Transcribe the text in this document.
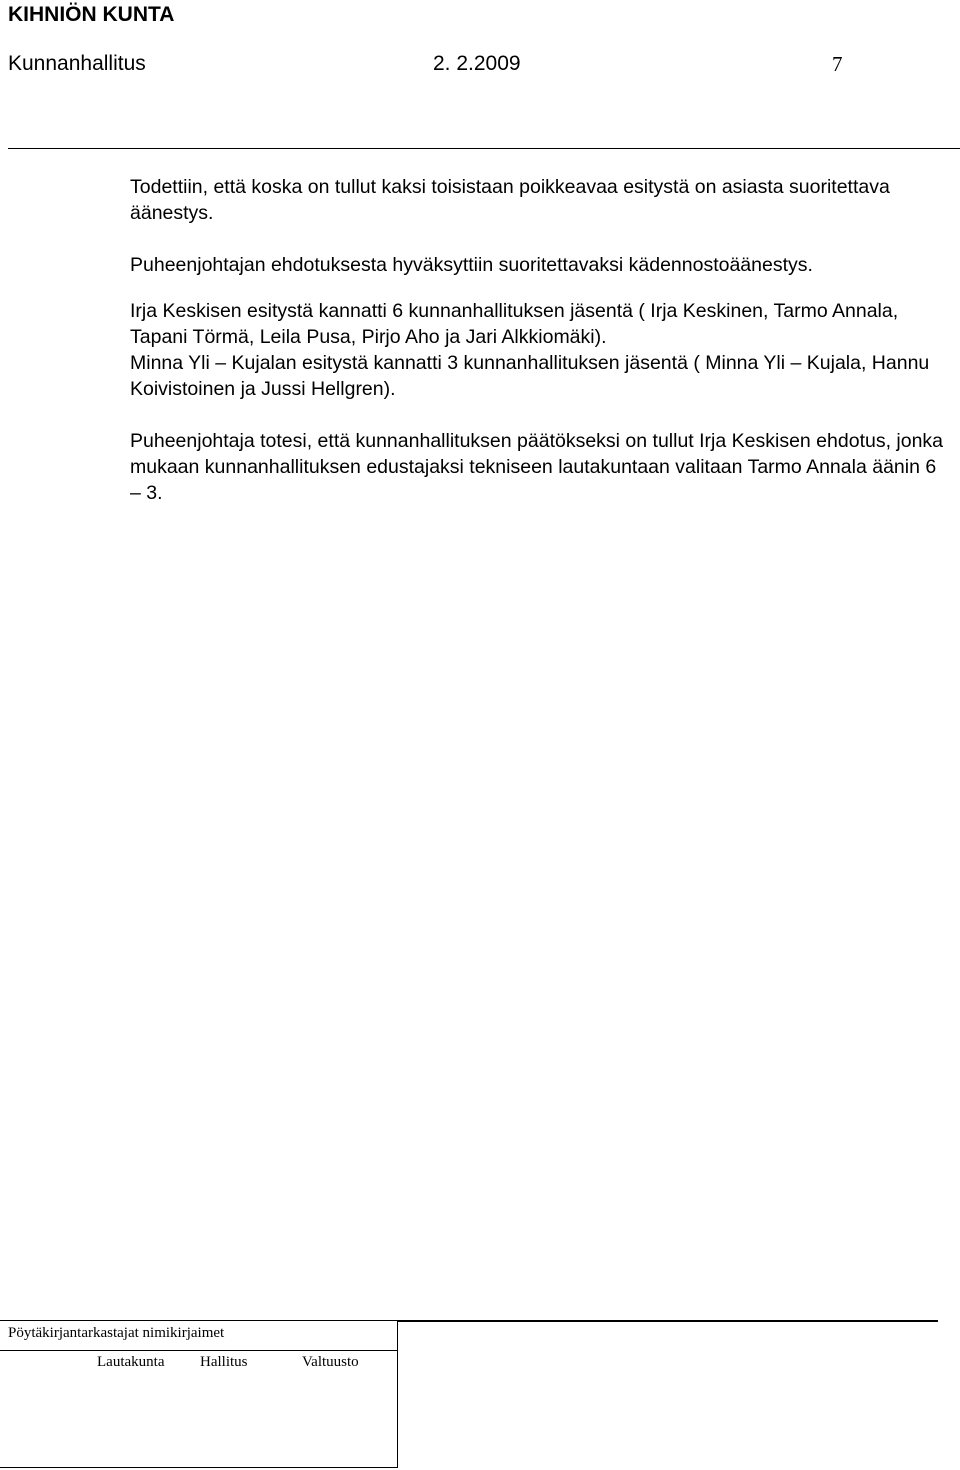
KIHNIÖN KUNTA
Kunnanhallitus	2. 2.2009	7

Todettiin, että koska on tullut kaksi toisistaan poikkeavaa esitystä on asiasta suoritettava äänestys.

Puheenjohtajan ehdotuksesta hyväksyttiin suoritettavaksi kädennostoäänestys.

Irja Keskisen esitystä kannatti 6 kunnanhallituksen jäsentä ( Irja Keskinen, Tarmo Annala, Tapani Törmä, Leila Pusa, Pirjo Aho ja Jari Alkkiomäki).

Minna Yli – Kujalan esitystä kannatti 3 kunnanhallituksen jäsentä ( Minna Yli – Kujala, Hannu Koivistoinen ja Jussi Hellgren).

Puheenjohtaja totesi, että kunnanhallituksen päätökseksi on tullut Irja Keskisen ehdotus, jonka mukaan kunnanhallituksen edustajaksi tekniseen lautakuntaan valitaan Tarmo Annala äänin 6 – 3.

Pöytäkirjantarkastajat nimikirjaimet
Lautakunta Hallitus	Valtuusto
